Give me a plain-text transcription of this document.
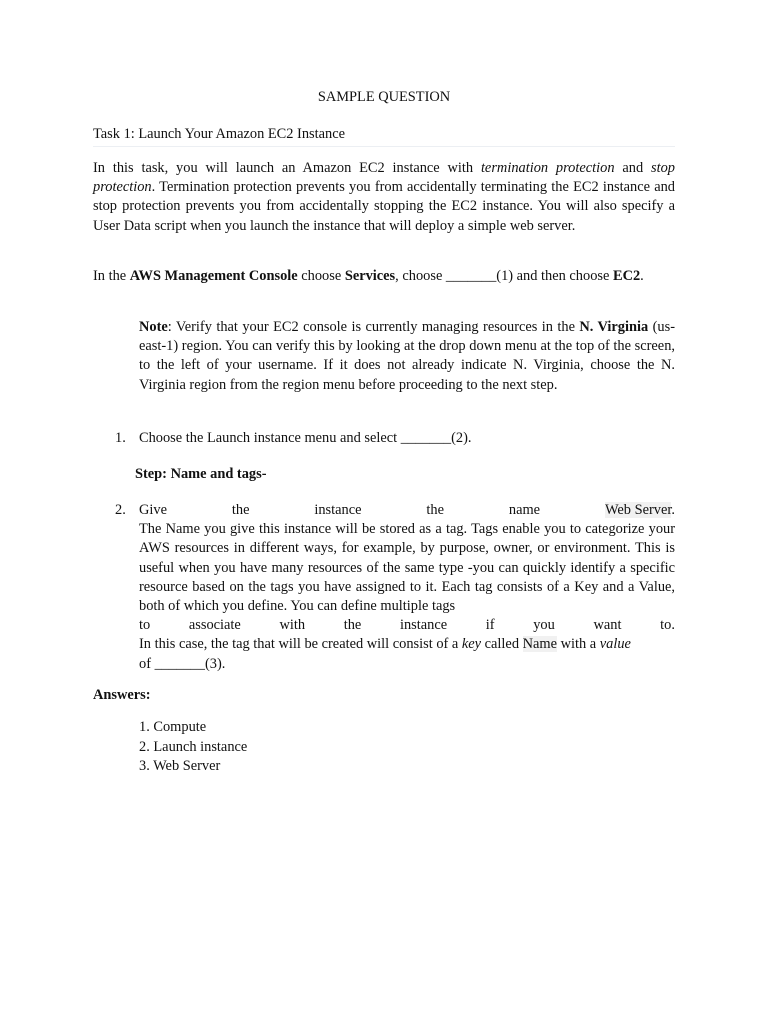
SAMPLE QUESTION
Task 1: Launch Your Amazon EC2 Instance
In this task, you will launch an Amazon EC2 instance with termination protection and stop protection. Termination protection prevents you from accidentally terminating the EC2 instance and stop protection prevents you from accidentally stopping the EC2 instance. You will also specify a User Data script when you launch the instance that will deploy a simple web server.
In the AWS Management Console choose Services, choose _______(1) and then choose EC2.
Note: Verify that your EC2 console is currently managing resources in the N. Virginia (us-east-1) region. You can verify this by looking at the drop down menu at the top of the screen, to the left of your username. If it does not already indicate N. Virginia, choose the N. Virginia region from the region menu before proceeding to the next step.
1. Choose the Launch instance menu and select _______(2).
Step: Name and tags-
2. Give	the	instance	the	name	Web Server.
The Name you give this instance will be stored as a tag. Tags enable you to categorize your AWS resources in different ways, for example, by purpose, owner, or environment. This is useful when you have many resources of the same type -you can quickly identify a specific resource based on the tags you have assigned to it. Each tag consists of a Key and a Value, both of which you define. You can define multiple tags
to	associate	with	the	instance	if	you	want	to.
In this case, the tag that will be created will consist of a key called Name with a value
of _______(3).
Answers:
1. Compute
2. Launch instance
3. Web Server
